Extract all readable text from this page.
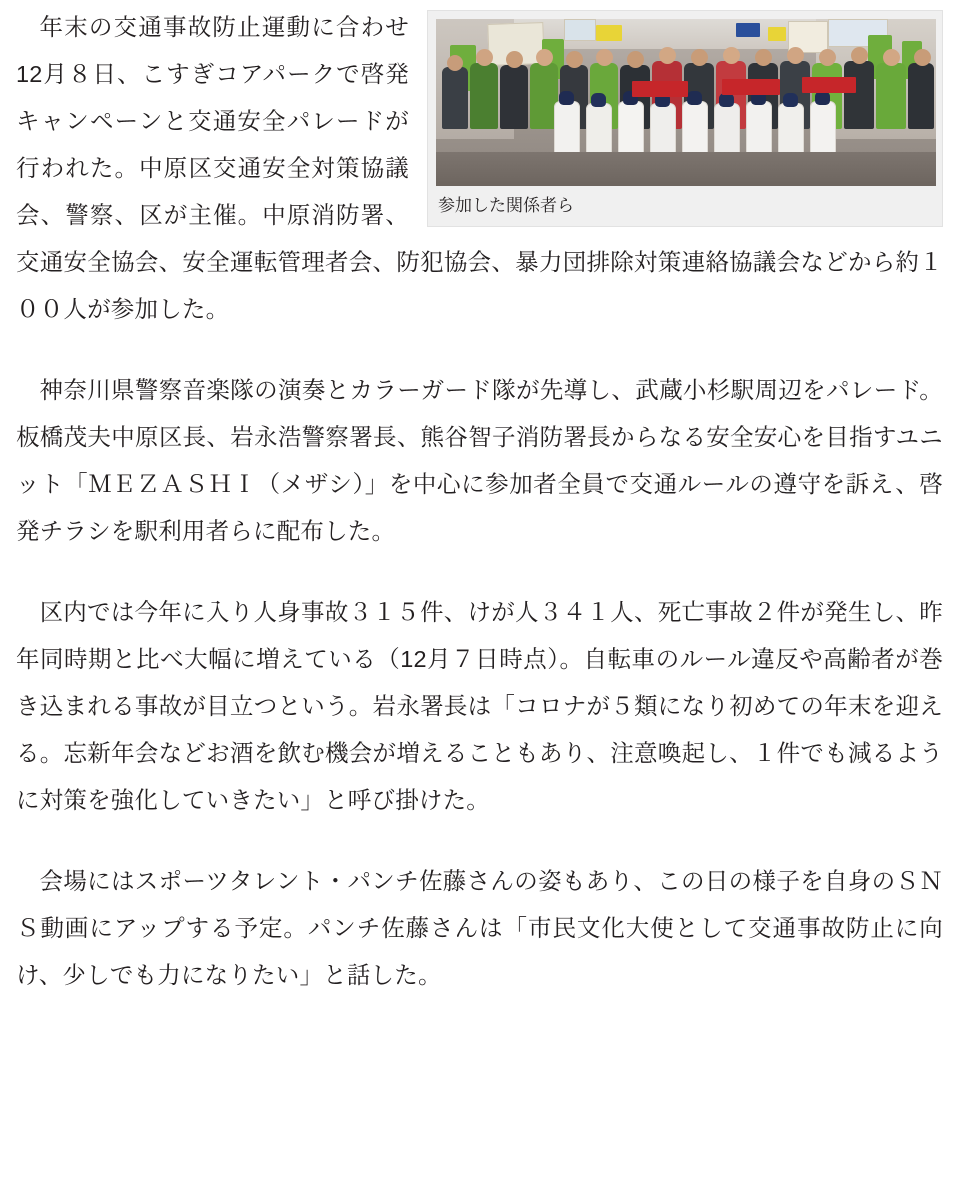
参加した関係者ら

年末の交通事故防止運動に合わせ12月８日、こすぎコアパークで啓発キャンペーンと交通安全パレードが行われた。中原区交通安全対策協議会、警察、区が主催。中原消防署、交通安全協会、安全運転管理者会、防犯協会、暴力団排除対策連絡協議会などから約１００人が参加した。

神奈川県警察音楽隊の演奏とカラーガード隊が先導し、武蔵小杉駅周辺をパレード。板橋茂夫中原区長、岩永浩警察署長、熊谷智子消防署長からなる安全安心を目指すユニット「ＭＥＺＡＳＨＩ（メザシ）」を中心に参加者全員で交通ルールの遵守を訴え、啓発チラシを駅利用者らに配布した。

区内では今年に入り人身事故３１５件、けが人３４１人、死亡事故２件が発生し、昨年同時期と比べ大幅に増えている（12月７日時点）。自転車のルール違反や高齢者が巻き込まれる事故が目立つという。岩永署長は「コロナが５類になり初めての年末を迎える。忘新年会などお酒を飲む機会が増えることもあり、注意喚起し、１件でも減るように対策を強化していきたい」と呼び掛けた。

会場にはスポーツタレント・パンチ佐藤さんの姿もあり、この日の様子を自身のＳＮＳ動画にアップする予定。パンチ佐藤さんは「市民文化大使として交通事故防止に向け、少しでも力になりたい」と話した。
